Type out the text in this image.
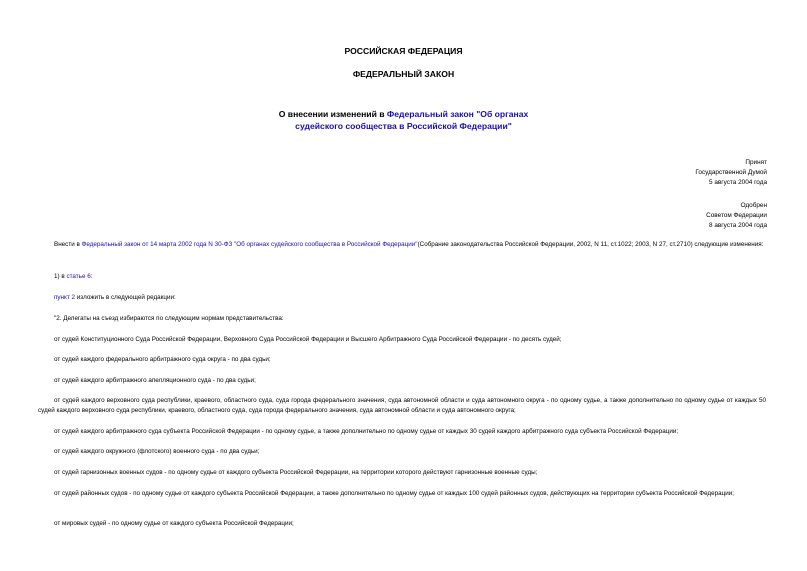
РОССИЙСКАЯ ФЕДЕРАЦИЯ
ФЕДЕРАЛЬНЫЙ ЗАКОН
О внесении изменений в Федеральный закон "Об органах
судейского сообщества в Российской Федерации"
Принят
Государственной Думой
5 августа 2004 года
Одобрен
Советом Федерации
8 августа 2004 года
Внести в Федеральный закон от 14 марта 2002 года N 30-ФЗ "Об органах судейского сообщества в Российской Федерации"(Собрание законодательства Российской Федерации, 2002, N 11, ст.1022; 2003, N 27, ст.2710) следующие изменения:
1) в статье 6:
пункт 2 изложить в следующей редакции:
"2. Делегаты на съезд избираются по следующим нормам представительства:
от судей Конституционного Суда Российской Федерации, Верховного Суда Российской Федерации и Высшего Арбитражного Суда Российской Федерации - по десять судей;
от судей каждого федерального арбитражного суда округа - по два судьи;
от судей каждого арбитражного апелляционного суда - по два судьи;
от судей каждого верховного суда республики, краевого, областного суда, суда города федерального значения, суда автономной области и суда автономного округа - по одному судье, а также дополнительно по одному судье от каждых 50 судей каждого верховного суда республики, краевого, областного суда, суда города федерального значения, суда автономной области и суда автономного округа;
от судей каждого арбитражного суда субъекта Российской Федерации - по одному судье, а также дополнительно по одному судье от каждых 30 судей каждого арбитражного суда субъекта Российской Федерации;
от судей каждого окружного (флотского) военного суда - по два судьи;
от судей гарнизонных военных судов - по одному судье от каждого субъекта Российской Федерации, на территории которого действуют гарнизонные военные суды;
от судей районных судов - по одному судье от каждого субъекта Российской Федерации, а также дополнительно по одному судье от каждых 100 судей районных судов, действующих на территории субъекта Российской Федерации;
от мировых судей - по одному судье от каждого субъекта Российской Федерации;
